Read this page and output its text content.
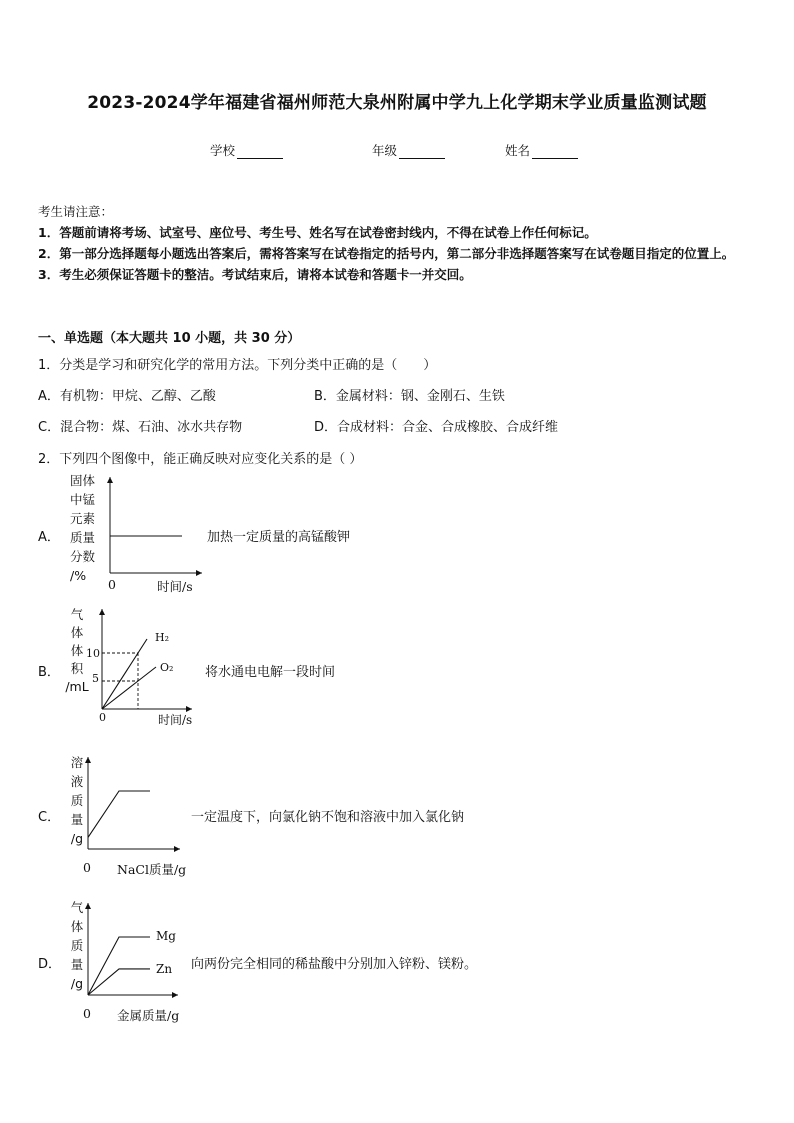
2023-2024学年福建省福州师范大泉州附属中学九上化学期末学业质量监测试题
学校	年级	姓名
考生请注意：
1．答题前请将考场、试室号、座位号、考生号、姓名写在试卷密封线内，不得在试卷上作任何标记。
2．第一部分选择题每小题选出答案后，需将答案写在试卷指定的括号内，第二部分非选择题答案写在试卷题目指定的位置上。
3．考生必须保证答题卡的整洁。考试结束后，请将本试卷和答题卡一并交回。
一、单选题（本大题共 10 小题，共 30 分）
1．分类是学习和研究化学的常用方法。下列分类中正确的是（　　）
A．有机物：甲烷、乙醇、乙酸	B．金属材料：钢、金刚石、生铁
C．混合物：煤、石油、冰水共存物	D．合成材料：合金、合成橡胶、合成纤维
2．下列四个图像中，能正确反映对应变化关系的是（ ）
A．
固体
中锰
元素
质量
分数
/%
0	时间/s
加热一定质量的高锰酸钾
B．
气
体
体
积
/mL
10
5
0	时间/s
H₂
O₂ 将水通电电解一段时间
C．
溶
液
质
量
/g
0 NaCl质量/g
一定温度下，向氯化钠不饱和溶液中加入氯化钠
D．
气
体
质
量
/g
Mg
Zn
0 金属质量/g
向两份完全相同的稀盐酸中分别加入锌粉、镁粉。
